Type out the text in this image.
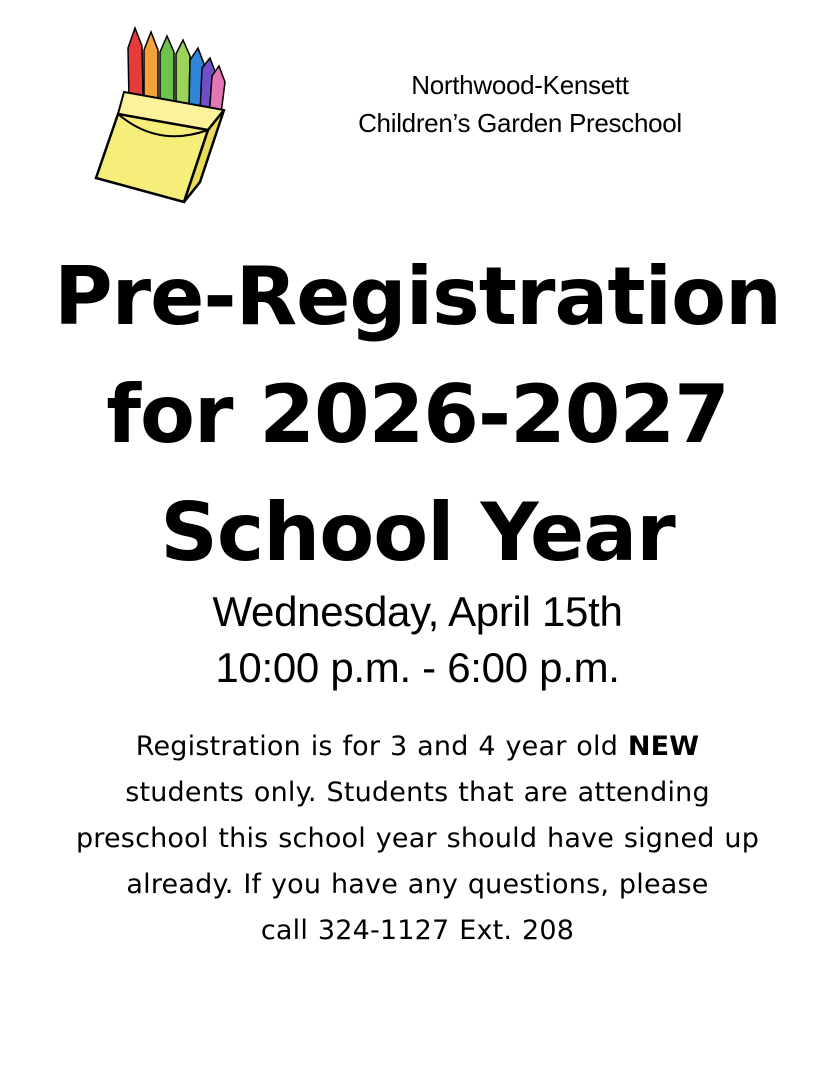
Northwood-Kensett
Children’s Garden Preschool
Pre-Registration
for 2026-2027
School Year
Wednesday, April 15th
10:00 p.m. - 6:00 p.m.
Registration is for 3 and 4 year old NEW
students only. Students that are attending
preschool this school year should have signed up
already. If you have any questions, please
call 324-1127 Ext. 208
